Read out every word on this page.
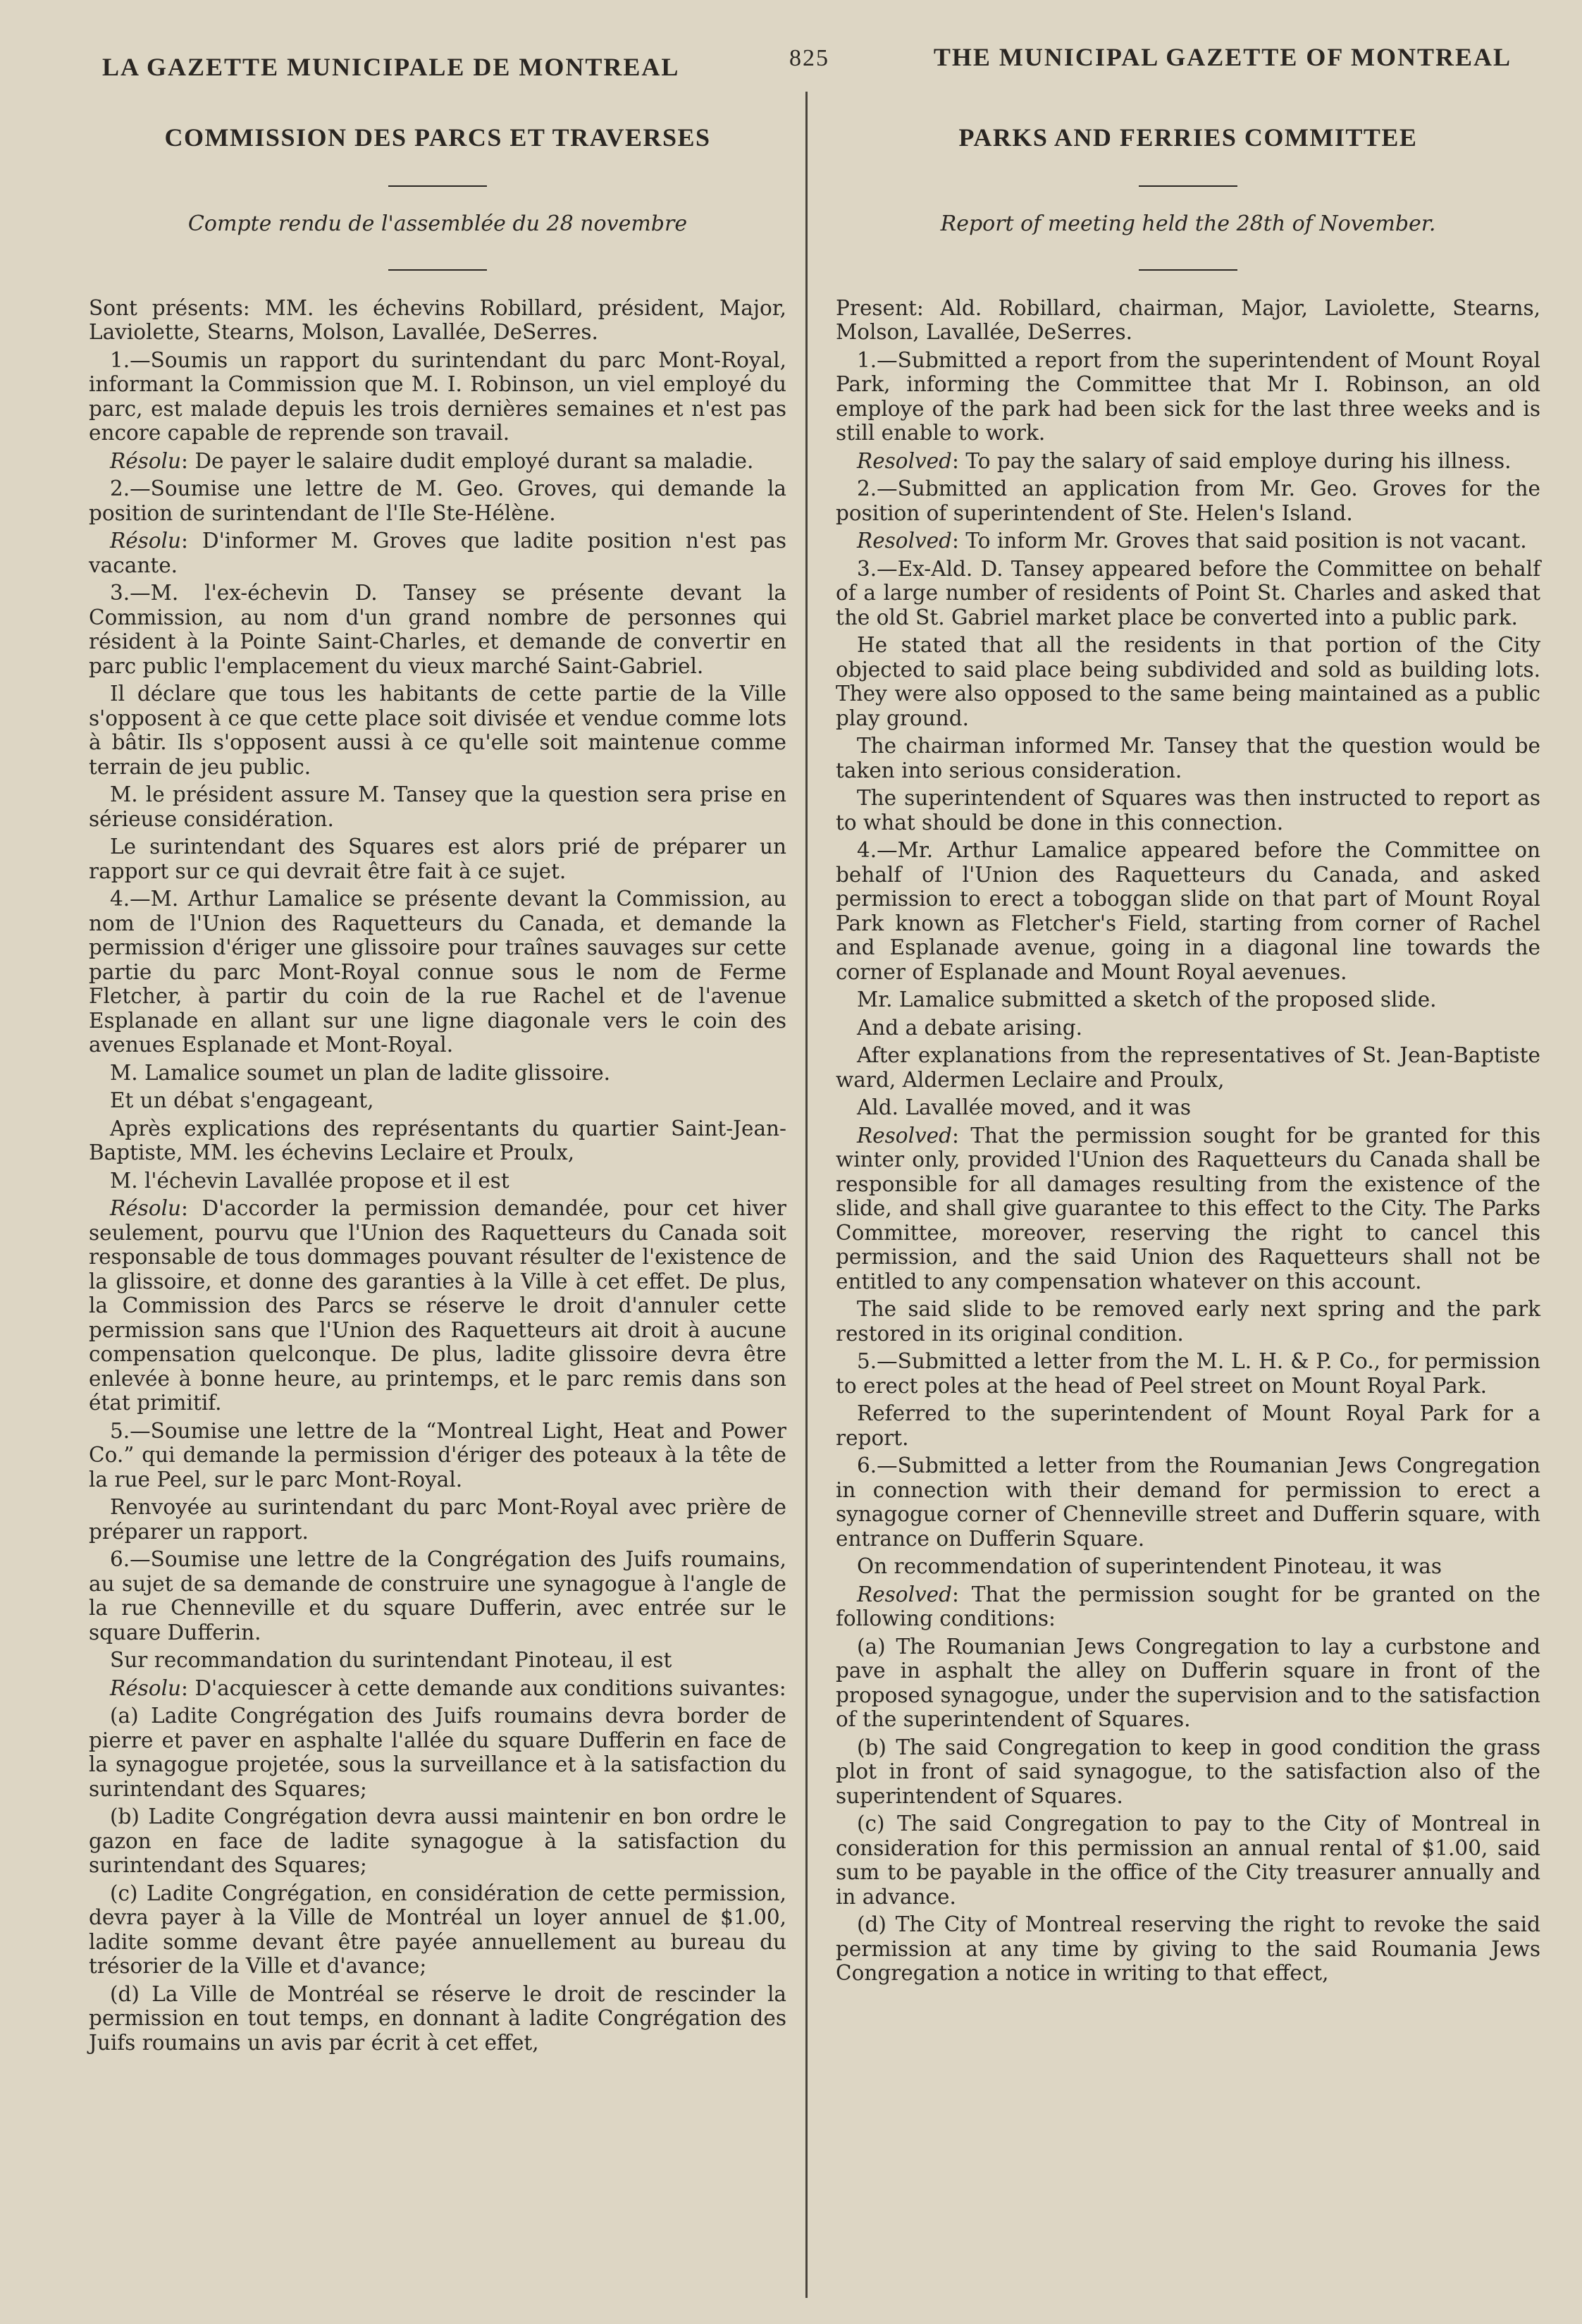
LA GAZETTE MUNICIPALE DE MONTREAL	825	THE MUNICIPAL GAZETTE OF MONTREAL
COMMISSION DES PARCS ET TRAVERSES

Compte rendu de l'assemblée du 28 novembre

Sont présents: MM. les échevins Robillard, président, Major, Laviolette, Stearns, Molson, Lavallée, DeSerres.

1.—Soumis un rapport du surintendant du parc Mont-Royal, informant la Commission que M. I. Robinson, un viel employé du parc, est malade depuis les trois dernières semaines et n'est pas encore capable de reprende son travail.

Résolu: De payer le salaire dudit employé durant sa maladie.

2.—Soumise une lettre de M. Geo. Groves, qui demande la position de surintendant de l'Ile Ste-Hélène.

Résolu: D'informer M. Groves que ladite position n'est pas vacante.

3.—M. l'ex-échevin D. Tansey se présente devant la Commission, au nom d'un grand nombre de personnes qui résident à la Pointe Saint-Charles, et demande de convertir en parc public l'emplacement du vieux marché Saint-Gabriel.

Il déclare que tous les habitants de cette partie de la Ville s'opposent à ce que cette place soit divisée et vendue comme lots à bâtir. Ils s'opposent aussi à ce qu'elle soit maintenue comme terrain de jeu public.

M. le président assure M. Tansey que la question sera prise en sérieuse considération.

Le surintendant des Squares est alors prié de préparer un rapport sur ce qui devrait être fait à ce sujet.

4.—M. Arthur Lamalice se présente devant la Commission, au nom de l'Union des Raquetteurs du Canada, et demande la permission d'ériger une glissoire pour traînes sauvages sur cette partie du parc Mont-Royal connue sous le nom de Ferme Fletcher, à partir du coin de la rue Rachel et de l'avenue Esplanade en allant sur une ligne diagonale vers le coin des avenues Esplanade et Mont-Royal.

M. Lamalice soumet un plan de ladite glissoire.

Et un débat s'engageant,

Après explications des représentants du quartier Saint-Jean-Baptiste, MM. les échevins Leclaire et Proulx,

M. l'échevin Lavallée propose et il est

Résolu: D'accorder la permission demandée, pour cet hiver seulement, pourvu que l'Union des Raquetteurs du Canada soit responsable de tous dommages pouvant résulter de l'existence de la glissoire, et donne des garanties à la Ville à cet effet. De plus, la Commission des Parcs se réserve le droit d'annuler cette permission sans que l'Union des Raquetteurs ait droit à aucune compensation quelconque. De plus, ladite glissoire devra être enlevée à bonne heure, au printemps, et le parc remis dans son état primitif.

5.—Soumise une lettre de la “Montreal Light, Heat and Power Co.” qui demande la permission d'ériger des poteaux à la tête de la rue Peel, sur le parc Mont-Royal.

Renvoyée au surintendant du parc Mont-Royal avec prière de préparer un rapport.

6.—Soumise une lettre de la Congrégation des Juifs roumains, au sujet de sa demande de construire une synagogue à l'angle de la rue Chenneville et du square Dufferin, avec entrée sur le square Dufferin.

Sur recommandation du surintendant Pinoteau, il est

Résolu: D'acquiescer à cette demande aux conditions suivantes:

(a) Ladite Congrégation des Juifs roumains devra border de pierre et paver en asphalte l'allée du square Dufferin en face de la synagogue projetée, sous la surveillance et à la satisfaction du surintendant des Squares;

(b) Ladite Congrégation devra aussi maintenir en bon ordre le gazon en face de ladite synagogue à la satisfaction du surintendant des Squares;

(c) Ladite Congrégation, en considération de cette permission, devra payer à la Ville de Montréal un loyer annuel de $1.00, ladite somme devant être payée annuellement au bureau du trésorier de la Ville et d'avance;

(d) La Ville de Montréal se réserve le droit de rescinder la permission en tout temps, en donnant à ladite Congrégation des Juifs roumains un avis par écrit à cet effet,

PARKS AND FERRIES COMMITTEE

Report of meeting held the 28th of November.

Present: Ald. Robillard, chairman, Major, Laviolette, Stearns, Molson, Lavallée, DeSerres.

1.—Submitted a report from the superintendent of Mount Royal Park, informing the Committee that Mr I. Robinson, an old employe of the park had been sick for the last three weeks and is still enable to work.

Resolved: To pay the salary of said employe during his illness.

2.—Submitted an application from Mr. Geo. Groves for the position of superintendent of Ste. Helen's Island.

Resolved: To inform Mr. Groves that said position is not vacant.

3.—Ex-Ald. D. Tansey appeared before the Committee on behalf of a large number of residents of Point St. Charles and asked that the old St. Gabriel market place be converted into a public park.

He stated that all the residents in that portion of the City objected to said place being subdivided and sold as building lots. They were also opposed to the same being maintained as a public play ground.

The chairman informed Mr. Tansey that the question would be taken into serious consideration.

The superintendent of Squares was then instructed to report as to what should be done in this connection.

4.—Mr. Arthur Lamalice appeared before the Committee on behalf of l'Union des Raquetteurs du Canada, and asked permission to erect a toboggan slide on that part of Mount Royal Park known as Fletcher's Field, starting from corner of Rachel and Esplanade avenue, going in a diagonal line towards the corner of Esplanade and Mount Royal aevenues.

Mr. Lamalice submitted a sketch of the proposed slide.

And a debate arising.

After explanations from the representatives of St. Jean-Baptiste ward, Aldermen Leclaire and Proulx,

Ald. Lavallée moved, and it was

Resolved: That the permission sought for be granted for this winter only, provided l'Union des Raquetteurs du Canada shall be responsible for all damages resulting from the existence of the slide, and shall give guarantee to this effect to the City. The Parks Committee, moreover, reserving the right to cancel this permission, and the said Union des Raquetteurs shall not be entitled to any compensation whatever on this account.

The said slide to be removed early next spring and the park restored in its original condition.

5.—Submitted a letter from the M. L. H. & P. Co., for permission to erect poles at the head of Peel street on Mount Royal Park.

Referred to the superintendent of Mount Royal Park for a report.

6.—Submitted a letter from the Roumanian Jews Congregation in connection with their demand for permission to erect a synagogue corner of Chenneville street and Dufferin square, with entrance on Dufferin Square.

On recommendation of superintendent Pinoteau, it was

Resolved: That the permission sought for be granted on the following conditions:

(a) The Roumanian Jews Congregation to lay a curbstone and pave in asphalt the alley on Dufferin square in front of the proposed synagogue, under the supervision and to the satisfaction of the superintendent of Squares.

(b) The said Congregation to keep in good condition the grass plot in front of said synagogue, to the satisfaction also of the superintendent of Squares.

(c) The said Congregation to pay to the City of Montreal in consideration for this permission an annual rental of $1.00, said sum to be payable in the office of the City treasurer annually and in advance.

(d) The City of Montreal reserving the right to revoke the said permission at any time by giving to the said Roumania Jews Congregation a notice in writing to that effect,
